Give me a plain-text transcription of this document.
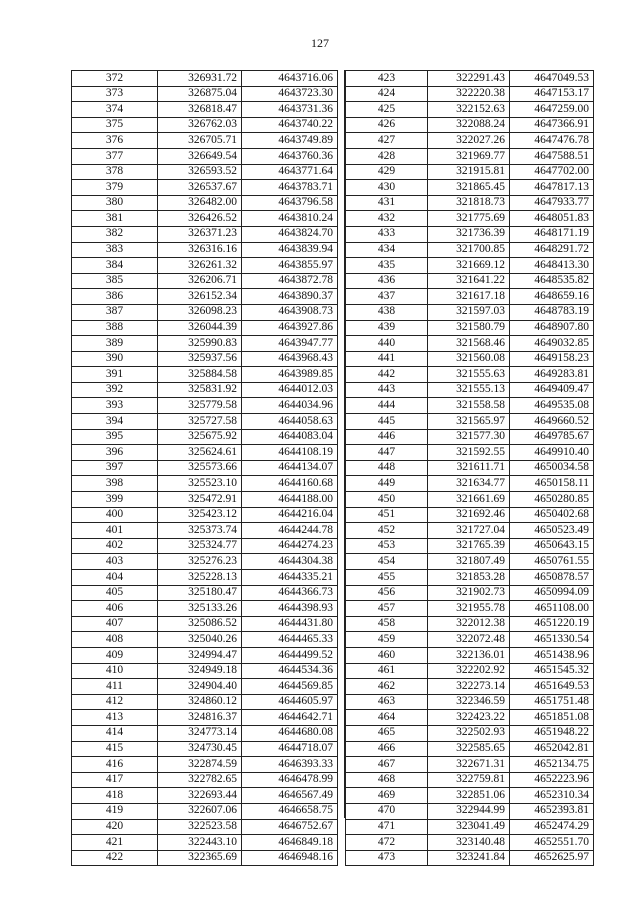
127
372	326931.72	4643716.06
373	326875.04	4643723.30
374	326818.47	4643731.36
375	326762.03	4643740.22
376	326705.71	4643749.89
377	326649.54	4643760.36
378	326593.52	4643771.64
379	326537.67	4643783.71
380	326482.00	4643796.58
381	326426.52	4643810.24
382	326371.23	4643824.70
383	326316.16	4643839.94
384	326261.32	4643855.97
385	326206.71	4643872.78
386	326152.34	4643890.37
387	326098.23	4643908.73
388	326044.39	4643927.86
389	325990.83	4643947.77
390	325937.56	4643968.43
391	325884.58	4643989.85
392	325831.92	4644012.03
393	325779.58	4644034.96
394	325727.58	4644058.63
395	325675.92	4644083.04
396	325624.61	4644108.19
397	325573.66	4644134.07
398	325523.10	4644160.68
399	325472.91	4644188.00
400	325423.12	4644216.04
401	325373.74	4644244.78
402	325324.77	4644274.23
403	325276.23	4644304.38
404	325228.13	4644335.21
405	325180.47	4644366.73
406	325133.26	4644398.93
407	325086.52	4644431.80
408	325040.26	4644465.33
409	324994.47	4644499.52
410	324949.18	4644534.36
411	324904.40	4644569.85
412	324860.12	4644605.97
413	324816.37	4644642.71
414	324773.14	4644680.08
415	324730.45	4644718.07
416	322874.59	4646393.33
417	322782.65	4646478.99
418	322693.44	4646567.49
419	322607.06	4646658.75
420	322523.58	4646752.67
421	322443.10	4646849.18
422	322365.69	4646948.16
423	322291.43	4647049.53
424	322220.38	4647153.17
425	322152.63	4647259.00
426	322088.24	4647366.91
427	322027.26	4647476.78
428	321969.77	4647588.51
429	321915.81	4647702.00
430	321865.45	4647817.13
431	321818.73	4647933.77
432	321775.69	4648051.83
433	321736.39	4648171.19
434	321700.85	4648291.72
435	321669.12	4648413.30
436	321641.22	4648535.82
437	321617.18	4648659.16
438	321597.03	4648783.19
439	321580.79	4648907.80
440	321568.46	4649032.85
441	321560.08	4649158.23
442	321555.63	4649283.81
443	321555.13	4649409.47
444	321558.58	4649535.08
445	321565.97	4649660.52
446	321577.30	4649785.67
447	321592.55	4649910.40
448	321611.71	4650034.58
449	321634.77	4650158.11
450	321661.69	4650280.85
451	321692.46	4650402.68
452	321727.04	4650523.49
453	321765.39	4650643.15
454	321807.49	4650761.55
455	321853.28	4650878.57
456	321902.73	4650994.09
457	321955.78	4651108.00
458	322012.38	4651220.19
459	322072.48	4651330.54
460	322136.01	4651438.96
461	322202.92	4651545.32
462	322273.14	4651649.53
463	322346.59	4651751.48
464	322423.22	4651851.08
465	322502.93	4651948.22
466	322585.65	4652042.81
467	322671.31	4652134.75
468	322759.81	4652223.96
469	322851.06	4652310.34
470	322944.99	4652393.81
471	323041.49	4652474.29
472	323140.48	4652551.70
473	323241.84	4652625.97
